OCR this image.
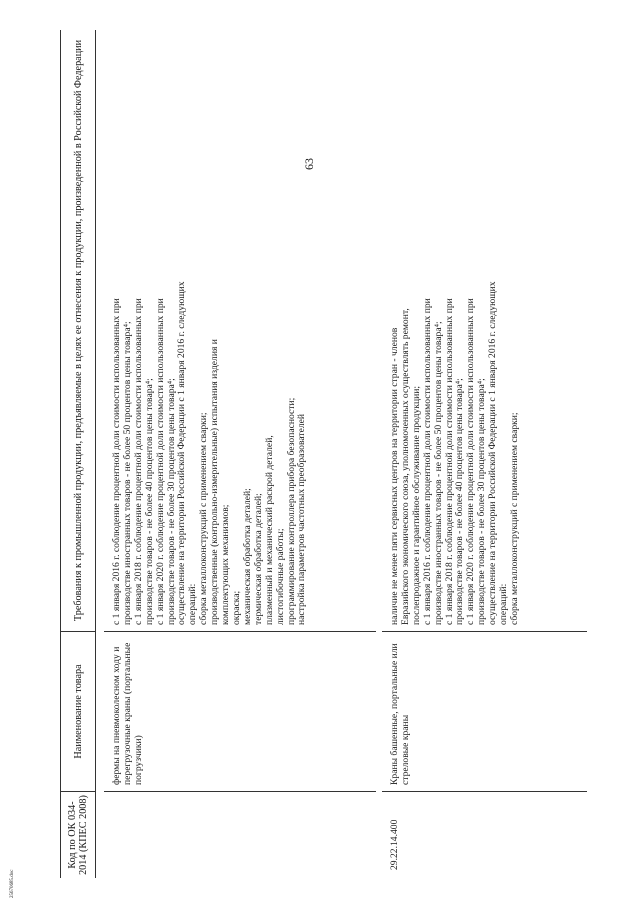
63
Код по ОК 034-2014 (КПЕС 2008)
Наименование товара
Требования к промышленной продукции, предъявляемые в целях ее отнесения к продукции, произведенной в Российской Федерации
фермы на пневмоколесном ходу и перегрузочные краны (портальные погрузчики)
с 1 января 2016 г. соблюдение процентной доли стоимости использованных при производстве иностранных товаров - не более 50 процентов цены товара⁴; с 1 января 2018 г. соблюдение процентной доли стоимости использованных при производстве товаров - не более 40 процентов цены товара⁴; с 1 января 2020 г. соблюдение процентной доли стоимости использованных при производстве товаров - не более 30 процентов цены товара⁴; осуществление на территории Российской Федерации с 1 января 2016 г. следующих операций: сборка металлоконструкций с применением сварки; производственные (контрольно-измерительные) испытания изделия и комплектующих механизмов; окраска; механическая обработка деталей; термическая обработка деталей; плазменный и механический раскрой деталей, листогибочные работы; программирование контроллера прибора безопасности; настройка параметров частотных преобразователей
29.22.14.400
Краны башенные, портальные или стреловые краны
наличие не менее пяти сервисных центров на территории стран - членов Евразийского экономического союза, уполномоченных осуществлять ремонт, послепродажное и гарантийное обслуживание продукции; с 1 января 2016 г. соблюдение процентной доли стоимости использованных при производстве иностранных товаров - не более 50 процентов цены товара⁴; с 1 января 2018 г. соблюдение процентной доли стоимости использованных при производстве товаров - не более 40 процентов цены товара⁴; с 1 января 2020 г. соблюдение процентной доли стоимости использованных при производстве товаров - не более 30 процентов цены товара⁴; осуществление на территории Российской Федерации с 1 января 2016 г. следующих операций: сборка металлоконструкций с применением сварки;
25670685.doc
